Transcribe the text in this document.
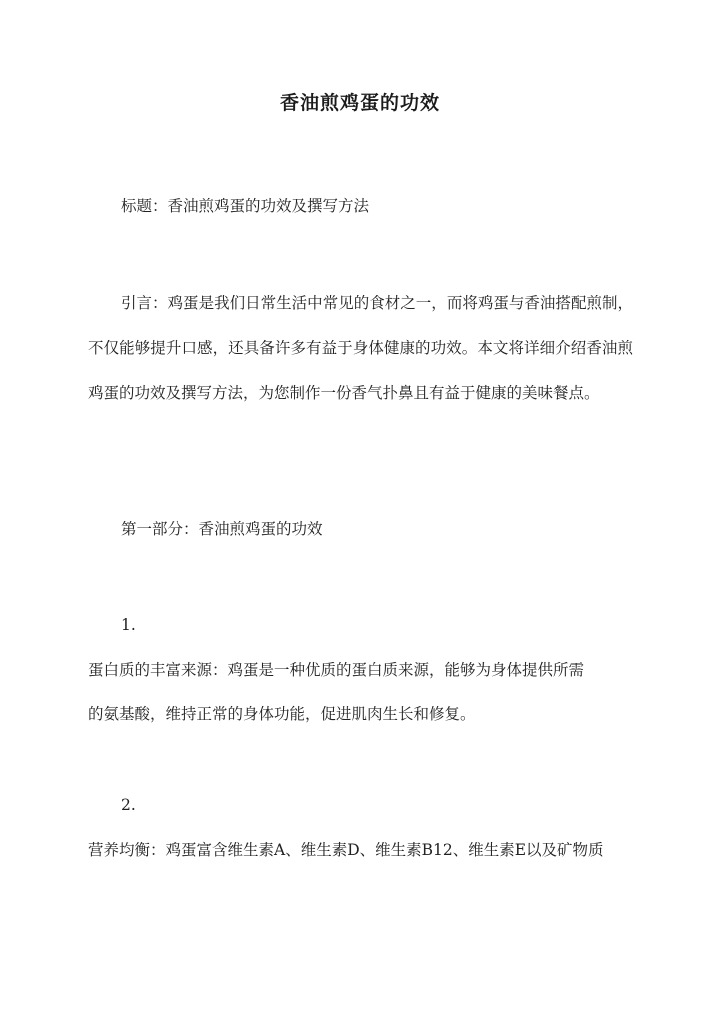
香油煎鸡蛋的功效
标题：香油煎鸡蛋的功效及撰写方法

引言：鸡蛋是我们日常生活中常见的食材之一，而将鸡蛋与香油搭配煎制，不仅能够提升口感，还具备许多有益于身体健康的功效。本文将详细介绍香油煎鸡蛋的功效及撰写方法，为您制作一份香气扑鼻且有益于健康的美味餐点。

第一部分：香油煎鸡蛋的功效
1.
蛋白质的丰富来源：鸡蛋是一种优质的蛋白质来源，能够为身体提供所需
的氨基酸，维持正常的身体功能，促进肌肉生长和修复。
2.
营养均衡：鸡蛋富含维生素A、维生素D、维生素B12、维生素E以及矿物质
